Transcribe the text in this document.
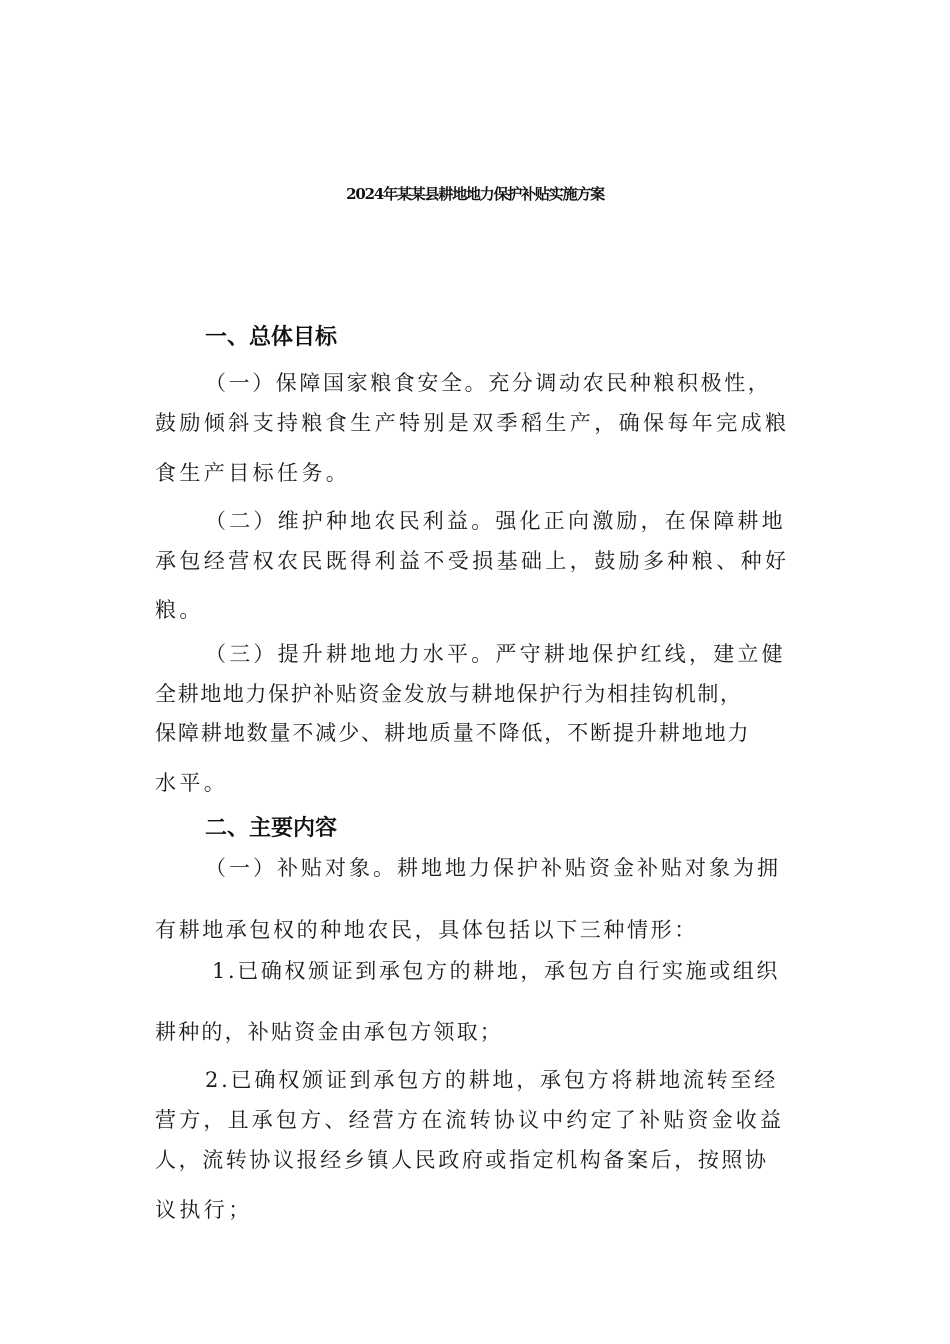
2024年某某县耕地地力保护补贴实施方案
一、总体目标
（一）保障国家粮食安全。充分调动农民种粮积极性，
鼓励倾斜支持粮食生产特别是双季稻生产，确保每年完成粮
食生产目标任务。
（二）维护种地农民利益。强化正向激励，在保障耕地
承包经营权农民既得利益不受损基础上，鼓励多种粮、种好
粮。
（三）提升耕地地力水平。严守耕地保护红线，建立健
全耕地地力保护补贴资金发放与耕地保护行为相挂钩机制，
保障耕地数量不减少、耕地质量不降低，不断提升耕地地力
水平。
二、主要内容
（一）补贴对象。耕地地力保护补贴资金补贴对象为拥
有耕地承包权的种地农民，具体包括以下三种情形：
1.已确权颁证到承包方的耕地，承包方自行实施或组织
耕种的，补贴资金由承包方领取；
2.已确权颁证到承包方的耕地，承包方将耕地流转至经
营方，且承包方、经营方在流转协议中约定了补贴资金收益
人，流转协议报经乡镇人民政府或指定机构备案后，按照协
议执行；
